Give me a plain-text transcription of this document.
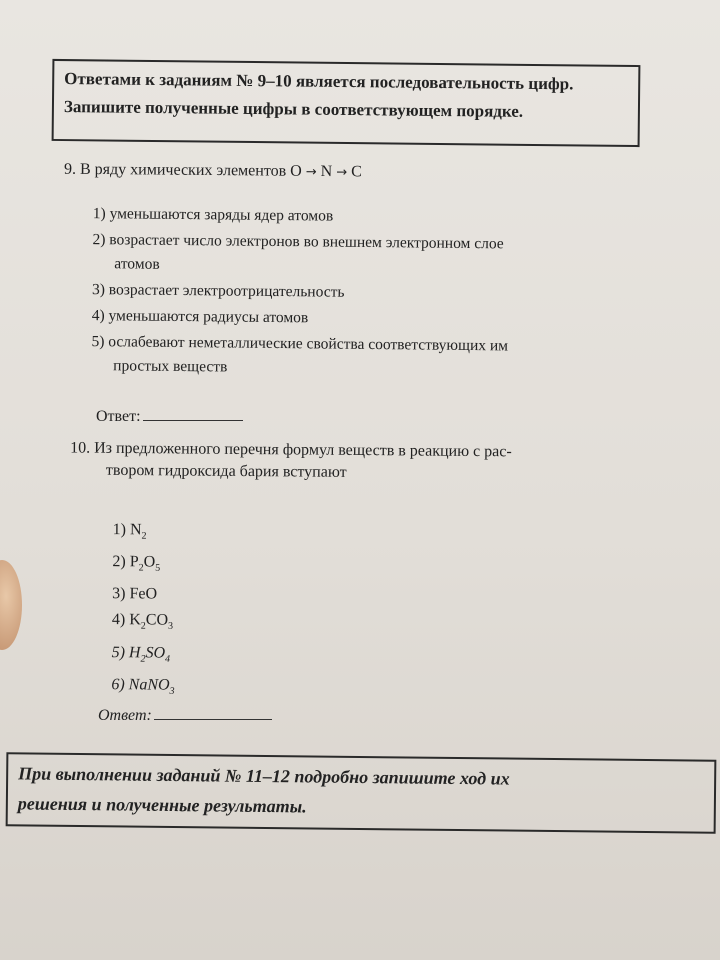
Ответами к заданиям № 9–10 является последовательность цифр.
Запишите полученные цифры в соответствующем порядке.
9. В ряду химических элементов O → N → C
1) уменьшаются заряды ядер атомов
2) возрастает число электронов во внешнем электронном слое
атомов
3) возрастает электроотрицательность
4) уменьшаются радиусы атомов
5) ослабевают неметаллические свойства соответствующих им
простых веществ
Ответ:
10. Из предложенного перечня формул веществ в реакцию с рас-
твором гидроксида бария вступают
1) $N_2$
2) $P_2O_5$
3) FeO
4) $K_2CO_3$
5) $H_2SO_4$
6) NaNO$_3$
Ответ:
При выполнении заданий № 11–12 подробно запишите ход их
решения и полученные результаты.
